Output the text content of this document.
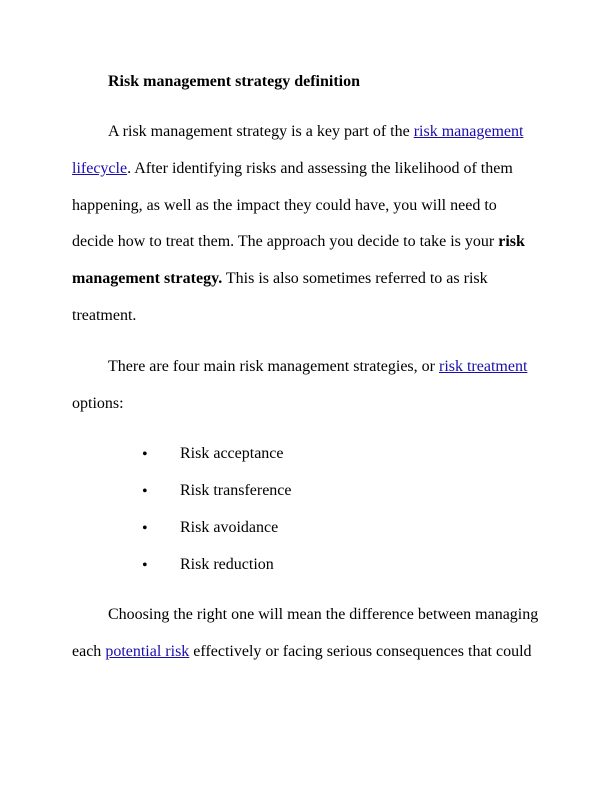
Risk management strategy definition
A risk management strategy is a key part of the risk management
lifecycle. After identifying risks and assessing the likelihood of them
happening, as well as the impact they could have, you will need to
decide how to treat them. The approach you decide to take is your risk
management strategy. This is also sometimes referred to as risk
treatment.
There are four main risk management strategies, or risk treatment
options:
• Risk acceptance
• Risk transference
• Risk avoidance
• Risk reduction
Choosing the right one will mean the difference between managing
each potential risk effectively or facing serious consequences that could
